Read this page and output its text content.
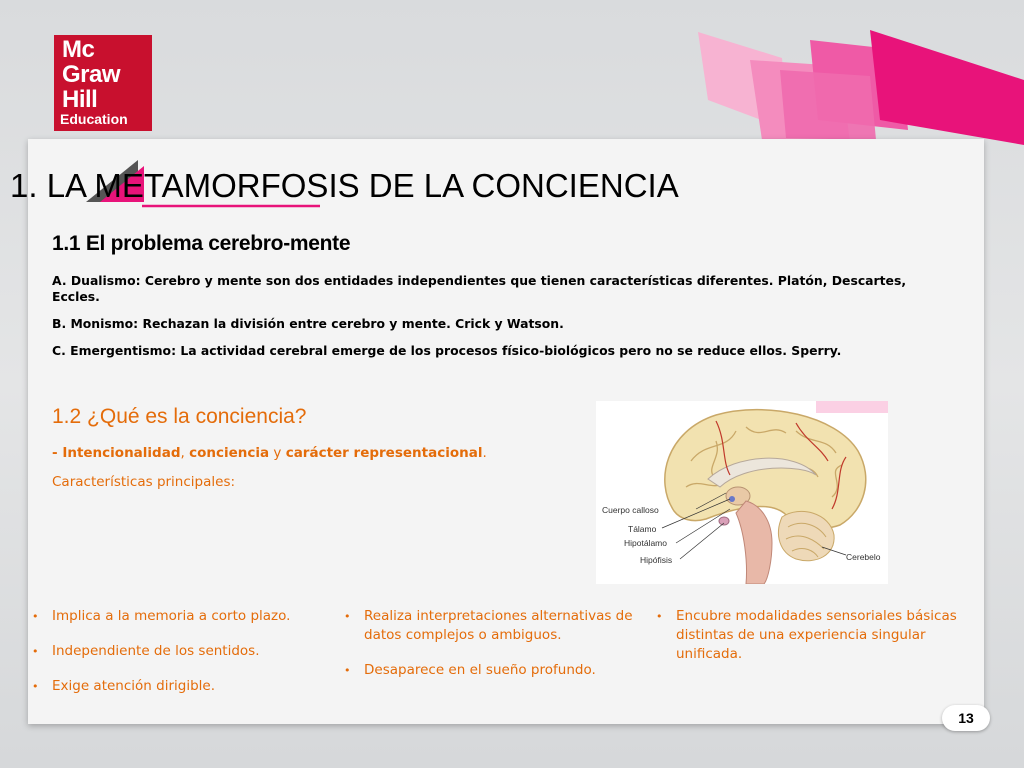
Mc
Graw
Hill
Education
1. LA METAMORFOSIS DE LA CONCIENCIA
1.1 El problema cerebro-mente
A. Dualismo: Cerebro y mente son dos entidades independientes que tienen características diferentes. Platón, Descartes, Eccles.
B. Monismo: Rechazan la división entre cerebro y mente. Crick y Watson.
C. Emergentismo: La actividad cerebral emerge de los procesos físico-biológicos pero no se reduce ellos. Sperry.
1.2 ¿Qué es la conciencia?
- Intencionalidad, conciencia y carácter representacional.
Características principales:
Cuerpo calloso
Tálamo
Hipotálamo
Hipófisis	Cerebelo
• Implica a la memoria a corto plazo.
• Independiente de los sentidos.
• Exige atención dirigible.
• Realiza interpretaciones alternativas de datos complejos o ambiguos.
• Desaparece en el sueño profundo.
• Encubre modalidades sensoriales básicas distintas de una experiencia singular unificada.
13
